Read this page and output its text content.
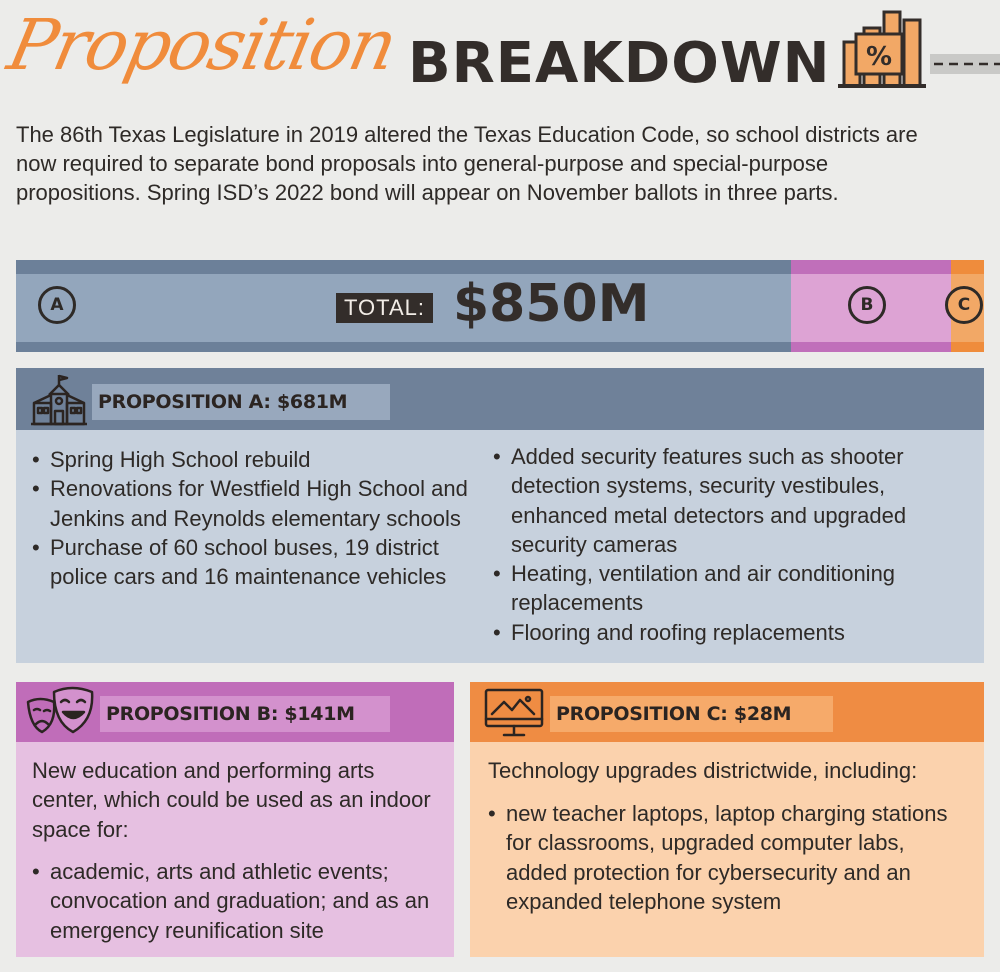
Proposition BREAKDOWN %
The 86th Texas Legislature in 2019 altered the Texas Education Code, so school districts are now required to separate bond proposals into general-purpose and special-purpose propositions. Spring ISD’s 2022 bond will appear on November ballots in three parts.
A	B	C
TOTAL: $850M
PROPOSITION A: $681M
• Spring High School rebuild
• Renovations for Westfield High School and Jenkins and Reynolds elementary schools
• Purchase of 60 school buses, 19 district police cars and 16 maintenance vehicles
• Added security features such as shooter detection systems, security vestibules, enhanced metal detectors and upgraded security cameras
• Heating, ventilation and air conditioning replacements
• Flooring and roofing replacements
PROPOSITION B: $141M
New education and performing arts center, which could be used as an indoor space for:
• academic, arts and athletic events; convocation and graduation; and as an emergency reunification site
PROPOSITION C: $28M
Technology upgrades districtwide, including:
• new teacher laptops, laptop charging stations for classrooms, upgraded computer labs, added protection for cybersecurity and an expanded telephone system
